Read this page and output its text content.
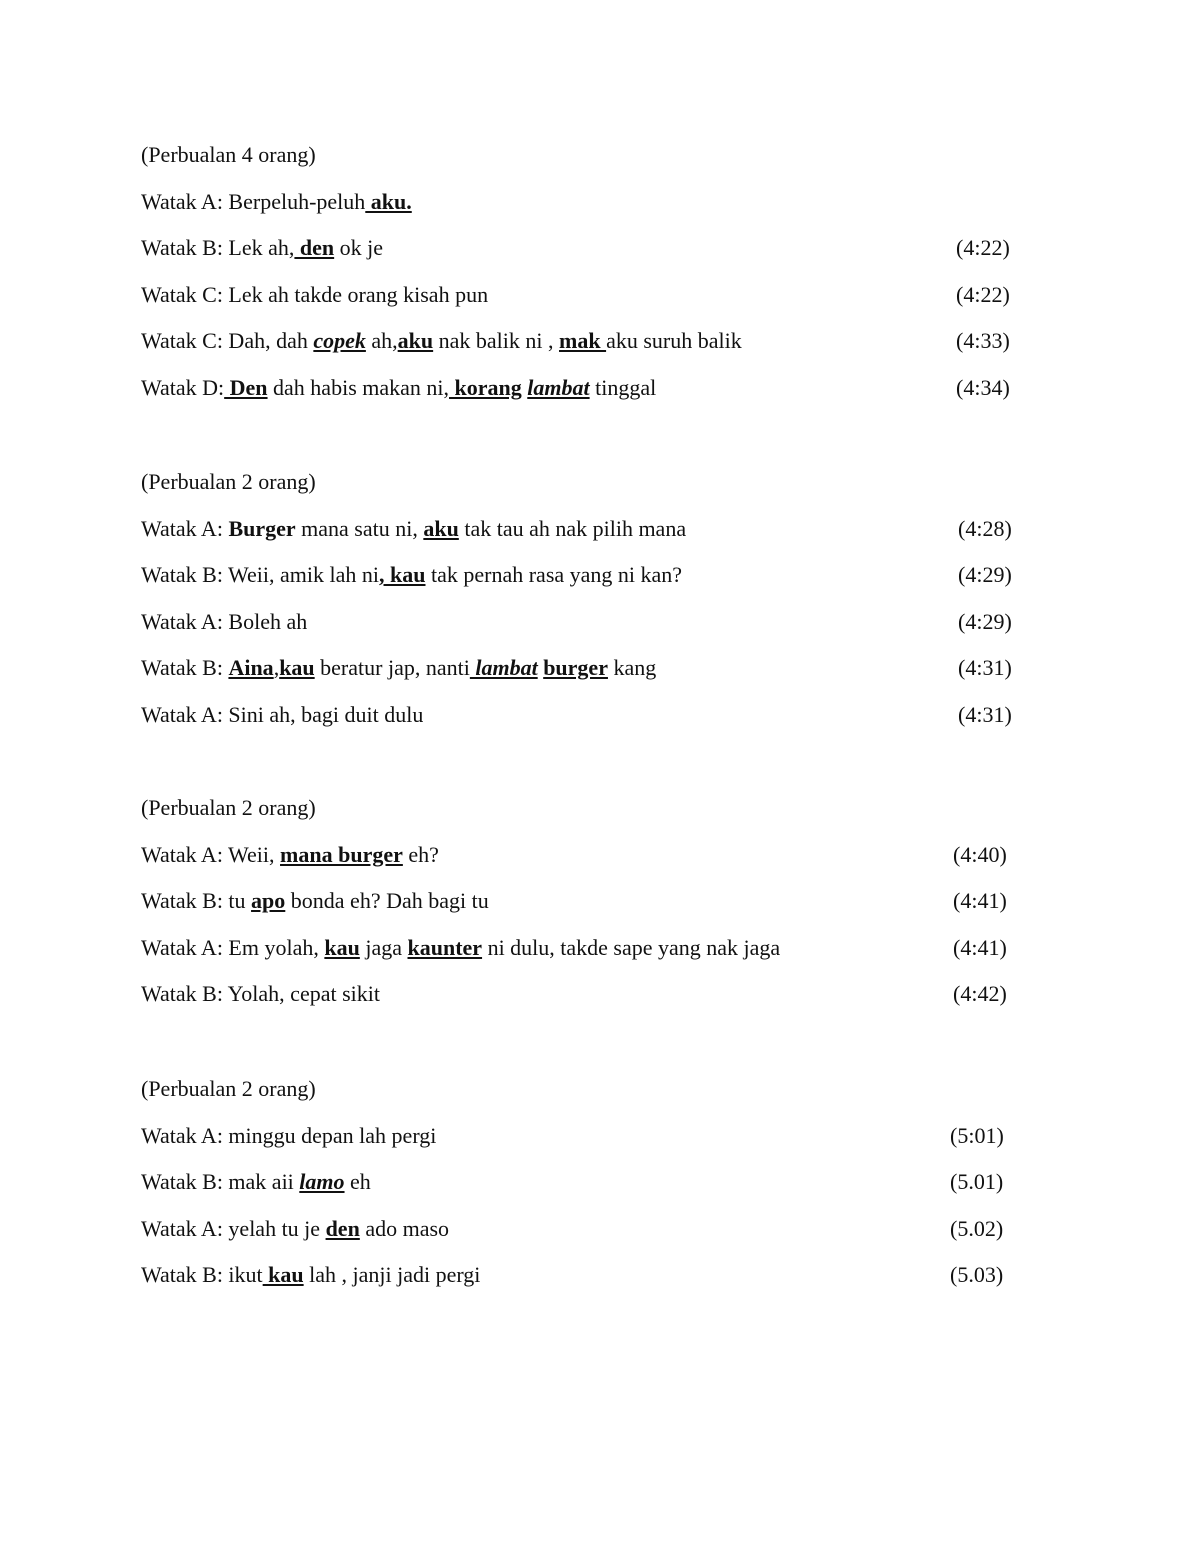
(Perbualan 4 orang)
Watak A: Berpeluh-peluh aku.
Watak B: Lek ah, den ok je	(4:22)
Watak C: Lek ah takde orang kisah pun	(4:22)
Watak C: Dah, dah copek ah,aku nak balik ni , mak aku suruh balik	(4:33)
Watak D: Den dah habis makan ni, korang lambat tinggal	(4:34)
(Perbualan 2 orang)
Watak A: Burger mana satu ni, aku tak tau ah nak pilih mana	(4:28)
Watak B: Weii, amik lah ni, kau tak pernah rasa yang ni kan?	(4:29)
Watak A: Boleh ah	(4:29)
Watak B: Aina,kau beratur jap, nanti lambat burger kang	(4:31)
Watak A: Sini ah, bagi duit dulu	(4:31)
(Perbualan 2 orang)
Watak A: Weii, mana burger eh?	(4:40)
Watak B: tu apo bonda eh? Dah bagi tu	(4:41)
Watak A: Em yolah, kau jaga kaunter ni dulu, takde sape yang nak jaga	(4:41)
Watak B: Yolah, cepat sikit	(4:42)
(Perbualan 2 orang)
Watak A: minggu depan lah pergi	(5:01)
Watak B: mak aii lamo eh	(5.01)
Watak A: yelah tu je den ado maso	(5.02)
Watak B: ikut kau lah , janji jadi pergi	(5.03)
